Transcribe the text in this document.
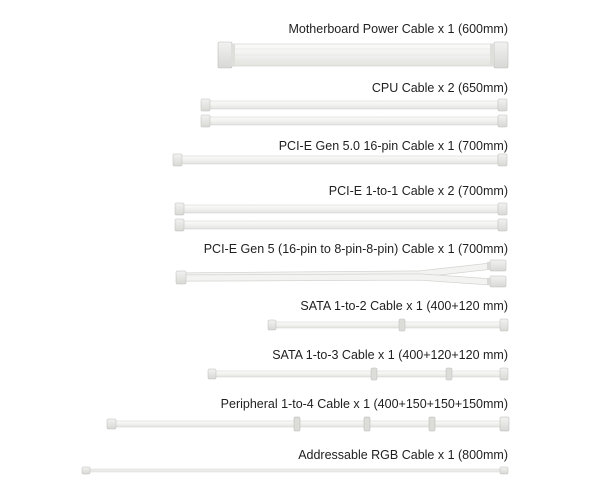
Motherboard Power Cable x 1 (600mm)
CPU Cable x 2 (650mm)
PCI-E Gen 5.0 16-pin Cable x 1 (700mm)
PCI-E 1-to-1 Cable x 2 (700mm)
PCI-E Gen 5 (16-pin to 8-pin-8-pin) Cable x 1 (700mm)
SATA 1-to-2 Cable x 1 (400+120 mm)
SATA 1-to-3 Cable x 1 (400+120+120 mm)
Peripheral 1-to-4 Cable x 1 (400+150+150+150mm)
Addressable RGB Cable x 1 (800mm)
